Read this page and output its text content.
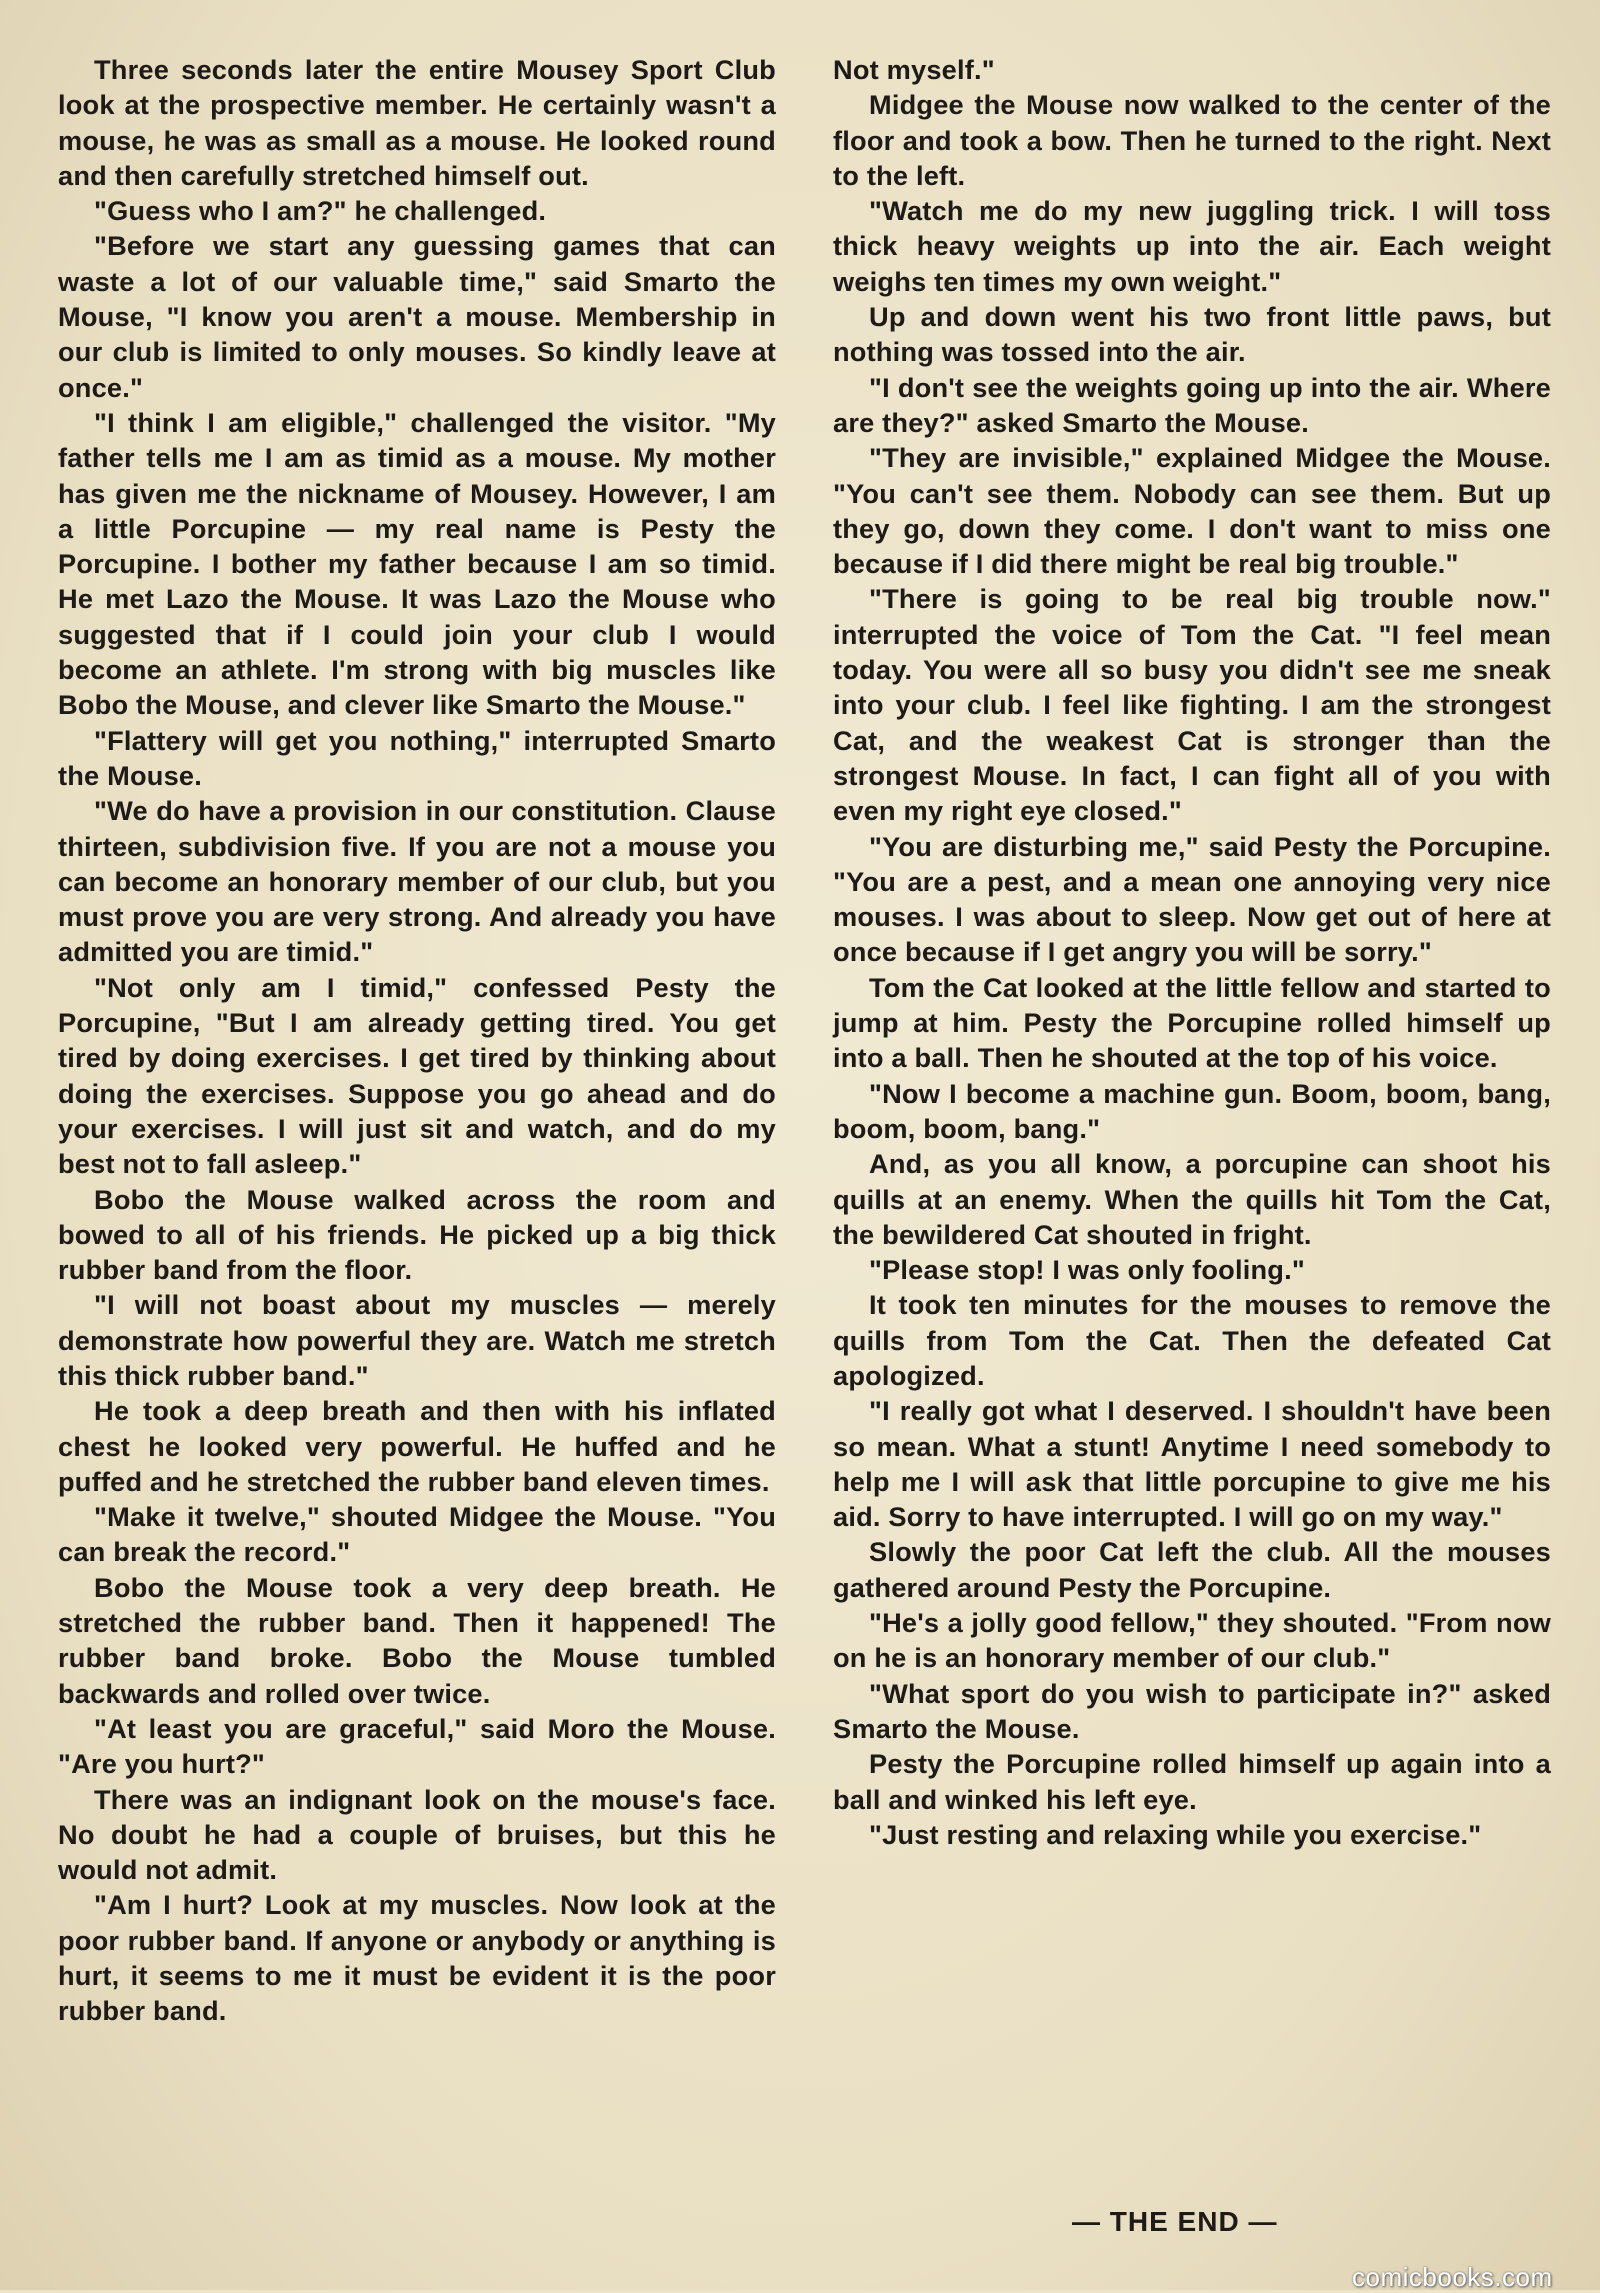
Three seconds later the entire Mousey Sport Club look at the prospective member. He certainly wasn't a mouse, he was as small as a mouse. He looked round and then carefully stretched himself out.

"Guess who I am?" he challenged.

"Before we start any guessing games that can waste a lot of our valuable time," said Smarto the Mouse, "I know you aren't a mouse. Membership in our club is limited to only mouses. So kindly leave at once."

"I think I am eligible," challenged the visitor. "My father tells me I am as timid as a mouse. My mother has given me the nickname of Mousey. However, I am a little Porcupine — my real name is Pesty the Porcupine. I bother my father because I am so timid. He met Lazo the Mouse. It was Lazo the Mouse who suggested that if I could join your club I would become an athlete. I'm strong with big muscles like Bobo the Mouse, and clever like Smarto the Mouse."

"Flattery will get you nothing," interrupted Smarto the Mouse.

"We do have a provision in our constitution. Clause thirteen, subdivision five. If you are not a mouse you can become an honorary member of our club, but you must prove you are very strong. And already you have admitted you are timid."

"Not only am I timid," confessed Pesty the Porcupine, "But I am already getting tired. You get tired by doing exercises. I get tired by thinking about doing the exercises. Suppose you go ahead and do your exercises. I will just sit and watch, and do my best not to fall asleep."

Bobo the Mouse walked across the room and bowed to all of his friends. He picked up a big thick rubber band from the floor.

"I will not boast about my muscles — merely demonstrate how powerful they are. Watch me stretch this thick rubber band."

He took a deep breath and then with his inflated chest he looked very powerful. He huffed and he puffed and he stretched the rubber band eleven times.

"Make it twelve," shouted Midgee the Mouse. "You can break the record."

Bobo the Mouse took a very deep breath. He stretched the rubber band. Then it happened! The rubber band broke. Bobo the Mouse tumbled backwards and rolled over twice.

"At least you are graceful," said Moro the Mouse. "Are you hurt?"

There was an indignant look on the mouse's face. No doubt he had a couple of bruises, but this he would not admit.

"Am I hurt? Look at my muscles. Now look at the poor rubber band. If anyone or anybody or anything is hurt, it seems to me it must be evident it is the poor rubber band.

Not myself."

Midgee the Mouse now walked to the center of the floor and took a bow. Then he turned to the right. Next to the left.

"Watch me do my new juggling trick. I will toss thick heavy weights up into the air. Each weight weighs ten times my own weight."

Up and down went his two front little paws, but nothing was tossed into the air.

"I don't see the weights going up into the air. Where are they?" asked Smarto the Mouse.

"They are invisible," explained Midgee the Mouse. "You can't see them. Nobody can see them. But up they go, down they come. I don't want to miss one because if I did there might be real big trouble."

"There is going to be real big trouble now." interrupted the voice of Tom the Cat. "I feel mean today. You were all so busy you didn't see me sneak into your club. I feel like fighting. I am the strongest Cat, and the weakest Cat is stronger than the strongest Mouse. In fact, I can fight all of you with even my right eye closed."

"You are disturbing me," said Pesty the Porcupine. "You are a pest, and a mean one annoying very nice mouses. I was about to sleep. Now get out of here at once because if I get angry you will be sorry."

Tom the Cat looked at the little fellow and started to jump at him. Pesty the Porcupine rolled himself up into a ball. Then he shouted at the top of his voice.

"Now I become a machine gun. Boom, boom, bang, boom, boom, bang."

And, as you all know, a porcupine can shoot his quills at an enemy. When the quills hit Tom the Cat, the bewildered Cat shouted in fright.

"Please stop! I was only fooling."

It took ten minutes for the mouses to remove the quills from Tom the Cat. Then the defeated Cat apologized.

"I really got what I deserved. I shouldn't have been so mean. What a stunt! Anytime I need somebody to help me I will ask that little porcupine to give me his aid. Sorry to have interrupted. I will go on my way."

Slowly the poor Cat left the club. All the mouses gathered around Pesty the Porcupine.

"He's a jolly good fellow," they shouted. "From now on he is an honorary member of our club."

"What sport do you wish to participate in?" asked Smarto the Mouse.

Pesty the Porcupine rolled himself up again into a ball and winked his left eye.

"Just resting and relaxing while you exercise."

— THE END —
comicbooks.com
